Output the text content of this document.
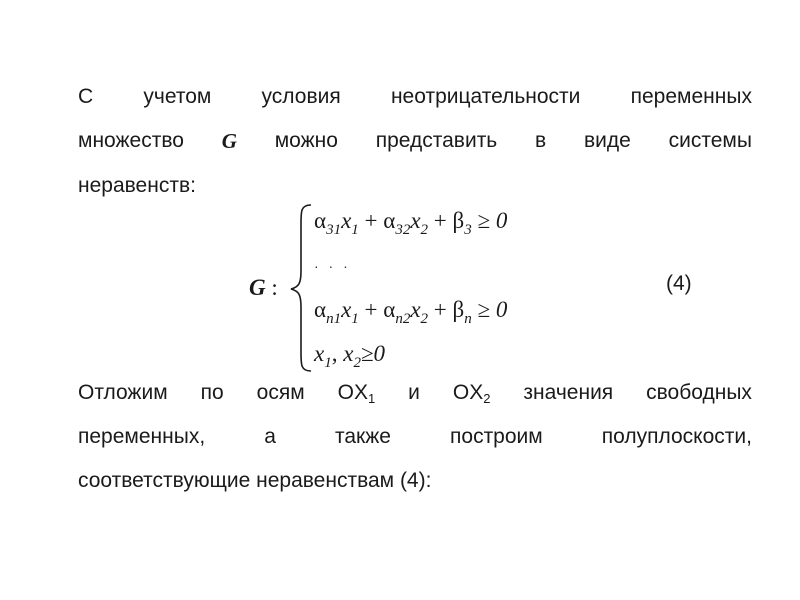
С учетом условия неотрицательности переменных
множество G можно представить в виде системы
неравенств:
G :
$\alpha_{31}x_1 + \alpha_{32}x_2 + \beta_3 \ge 0$
· · ·
$\alpha_{n1}x_1 + \alpha_{n2}x_2 + \beta_n \ge 0$
$x_1$, $x_2\ge 0$
(4)
Отложим по осям $OX_1$ и $OX_2$ значения свободных
переменных,	а	также	построим	полуплоскости,
соответствующие неравенствам (4):
